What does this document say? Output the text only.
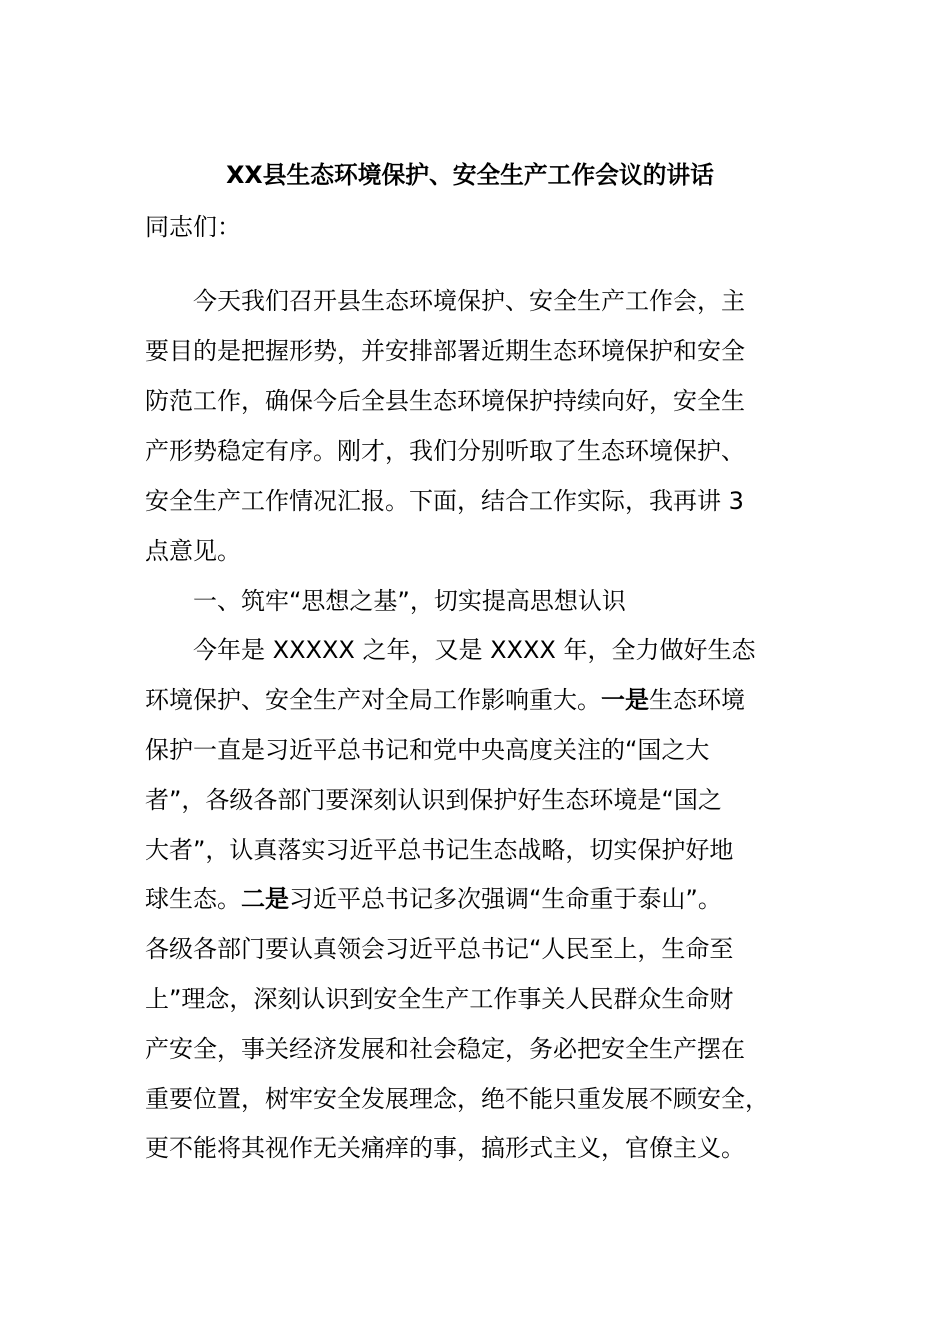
XX县生态环境保护、安全生产工作会议的讲话
同志们：
今天我们召开县生态环境保护、安全生产工作会，主
要目的是把握形势，并安排部署近期生态环境保护和安全
防范工作，确保今后全县生态环境保护持续向好，安全生
产形势稳定有序。刚才，我们分别听取了生态环境保护、
安全生产工作情况汇报。下面，结合工作实际，我再讲 3
点意见。
一、筑牢“思想之基”，切实提高思想认识
今年是 XXXXX 之年，又是 XXXX 年，全力做好生态
环境保护、安全生产对全局工作影响重大。一是生态环境
保护一直是习近平总书记和党中央高度关注的“国之大
者”，各级各部门要深刻认识到保护好生态环境是“国之
大者”，认真落实习近平总书记生态战略，切实保护好地
球生态。二是习近平总书记多次强调“生命重于泰山”。
各级各部门要认真领会习近平总书记“人民至上，生命至
上”理念，深刻认识到安全生产工作事关人民群众生命财
产安全，事关经济发展和社会稳定，务必把安全生产摆在
重要位置，树牢安全发展理念，绝不能只重发展不顾安全，
更不能将其视作无关痛痒的事，搞形式主义，官僚主义。
